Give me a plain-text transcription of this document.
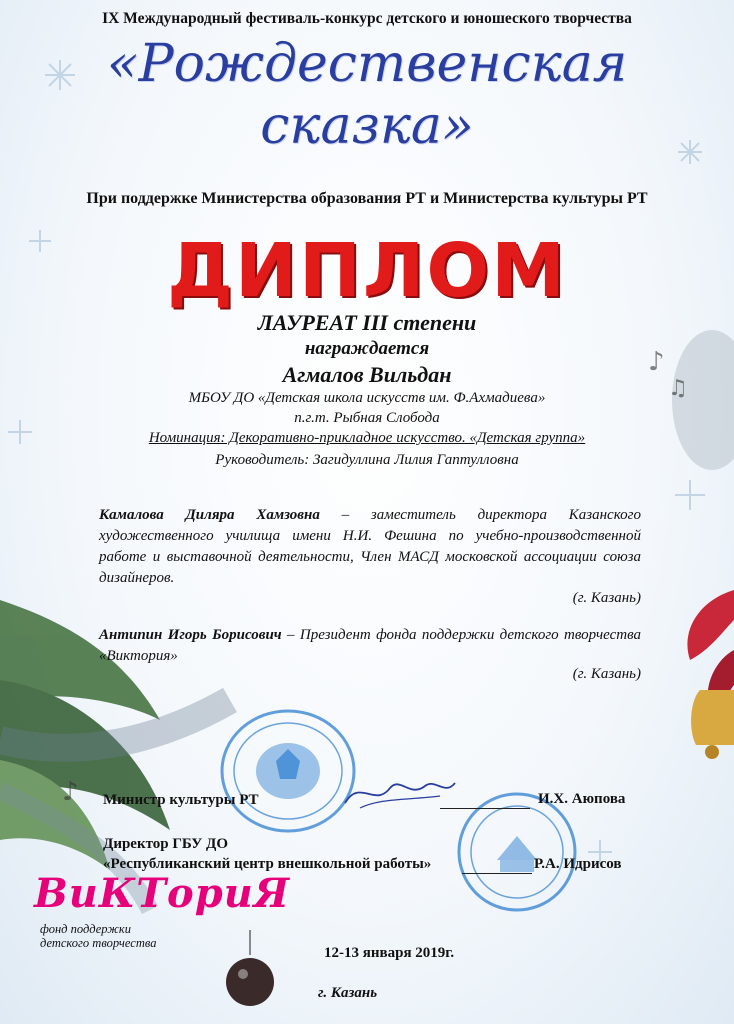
♪
♫
♪
IX Международный фестиваль-конкурс детского и юношеского творчества
«Рождественская
сказка»
При поддержке Министерства образования РТ и Министерства культуры РТ
ДИПЛОМ
ЛАУРЕАТ III степени
награждается
Агмалов Вильдан
МБОУ ДО «Детская школа искусств им. Ф.Ахмадиева»
п.г.т. Рыбная Слобода
Номинация: Декоративно-прикладное искусство. «Детская группа»
Руководитель: Загидуллина Лилия Гаптулловна
Камалова Диляра Хамзовна – заместитель директора Казанского художественного училища имени Н.И. Фешина по учебно-производственной работе и выставочной деятельности, Член МАСД московской ассоциации союза дизайнеров.
(г. Казань)
Антипин Игорь Борисович – Президент фонда поддержки детского творчества «Виктория»
(г. Казань)
Министр культуры РТ	И.Х. Аюпова
Директор ГБУ ДО
«Республиканский центр внешкольной работы»	Р.А. Идрисов
ВиКТориЯ
фонд поддержки
детского творчества
12-13 января 2019г.
г. Казань
